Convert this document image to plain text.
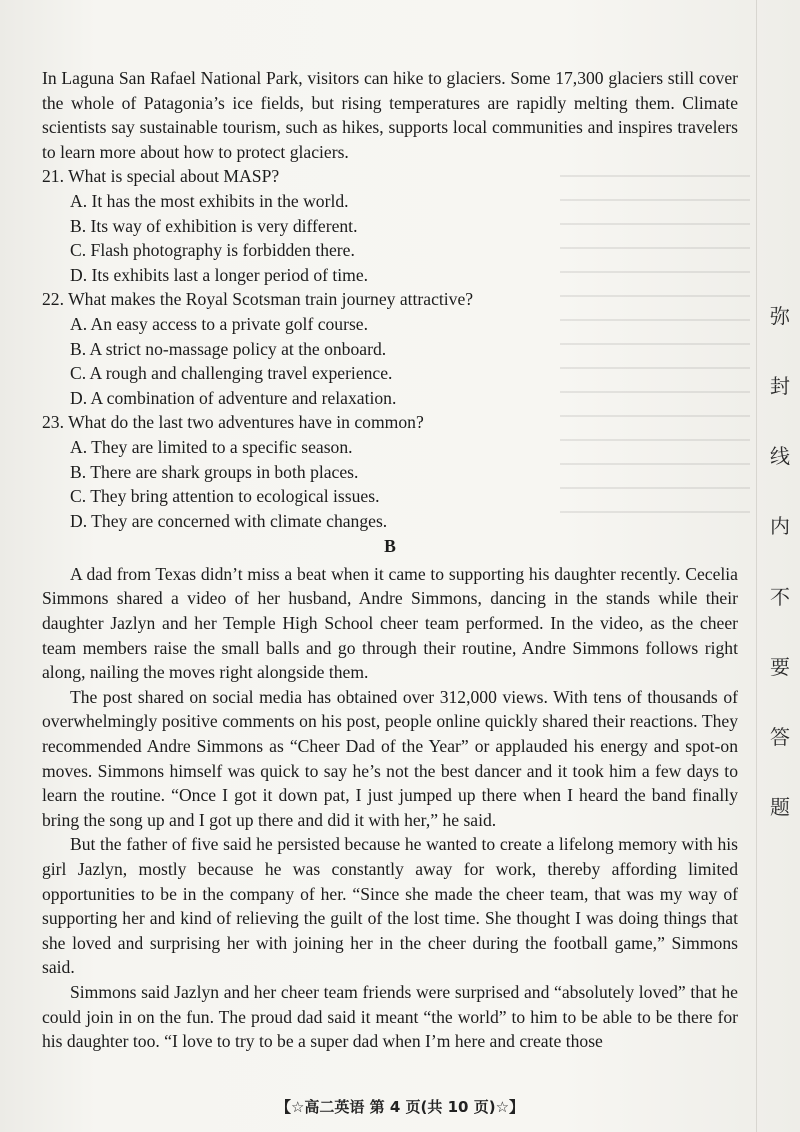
In Laguna San Rafael National Park, visitors can hike to glaciers. Some 17,300 glaciers still cover the whole of Patagonia’s ice fields, but rising temperatures are rapidly melting them. Climate scientists say sustainable tourism, such as hikes, supports local communities and inspires travelers to learn more about how to protect glaciers.

21. What is special about MASP?

A. It has the most exhibits in the world.

B. Its way of exhibition is very different.

C. Flash photography is forbidden there.

D. Its exhibits last a longer period of time.

22. What makes the Royal Scotsman train journey attractive?

A. An easy access to a private golf course.

B. A strict no-massage policy at the onboard.

C. A rough and challenging travel experience.

D. A combination of adventure and relaxation.

23. What do the last two adventures have in common?

A. They are limited to a specific season.

B. There are shark groups in both places.

C. They bring attention to ecological issues.

D. They are concerned with climate changes.

B

A dad from Texas didn’t miss a beat when it came to supporting his daughter recently. Cecelia Simmons shared a video of her husband, Andre Simmons, dancing in the stands while their daughter Jazlyn and her Temple High School cheer team performed. In the video, as the cheer team members raise the small balls and go through their routine, Andre Simmons follows right along, nailing the moves right alongside them.

The post shared on social media has obtained over 312,000 views. With tens of thousands of overwhelmingly positive comments on his post, people online quickly shared their reactions. They recommended Andre Simmons as “Cheer Dad of the Year” or applauded his energy and spot-on moves. Simmons himself was quick to say he’s not the best dancer and it took him a few days to learn the routine. “Once I got it down pat, I just jumped up there when I heard the band finally bring the song up and I got up there and did it with her,” he said.

But the father of five said he persisted because he wanted to create a lifelong memory with his girl Jazlyn, mostly because he was constantly away for work, thereby affording limited opportunities to be in the company of her. “Since she made the cheer team, that was my way of supporting her and kind of relieving the guilt of the lost time. She thought I was doing things that she loved and surprising her with joining her in the cheer during the football game,” Simmons said.

Simmons said Jazlyn and her cheer team friends were surprised and “absolutely loved” that he could join in on the fun. The proud dad said it meant “the world” to him to be able to be there for his daughter too. “I love to try to be a super dad when I’m here and create those

弥
封
线
内
不
要
答
题
【☆高二英语 第 4 页(共 10 页)☆】
